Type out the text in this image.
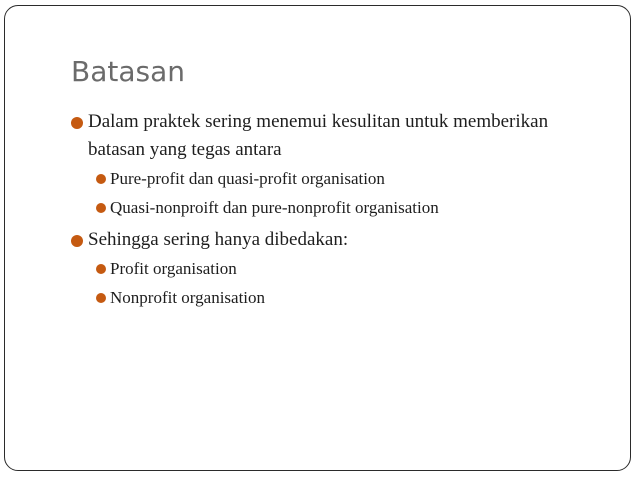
Batasan
Dalam praktek sering menemui kesulitan untuk memberikan
batasan yang tegas antara
Pure-profit dan quasi-profit organisation
Quasi-nonproift dan pure-nonprofit organisation
Sehingga sering hanya dibedakan:
Profit organisation
Nonprofit organisation
